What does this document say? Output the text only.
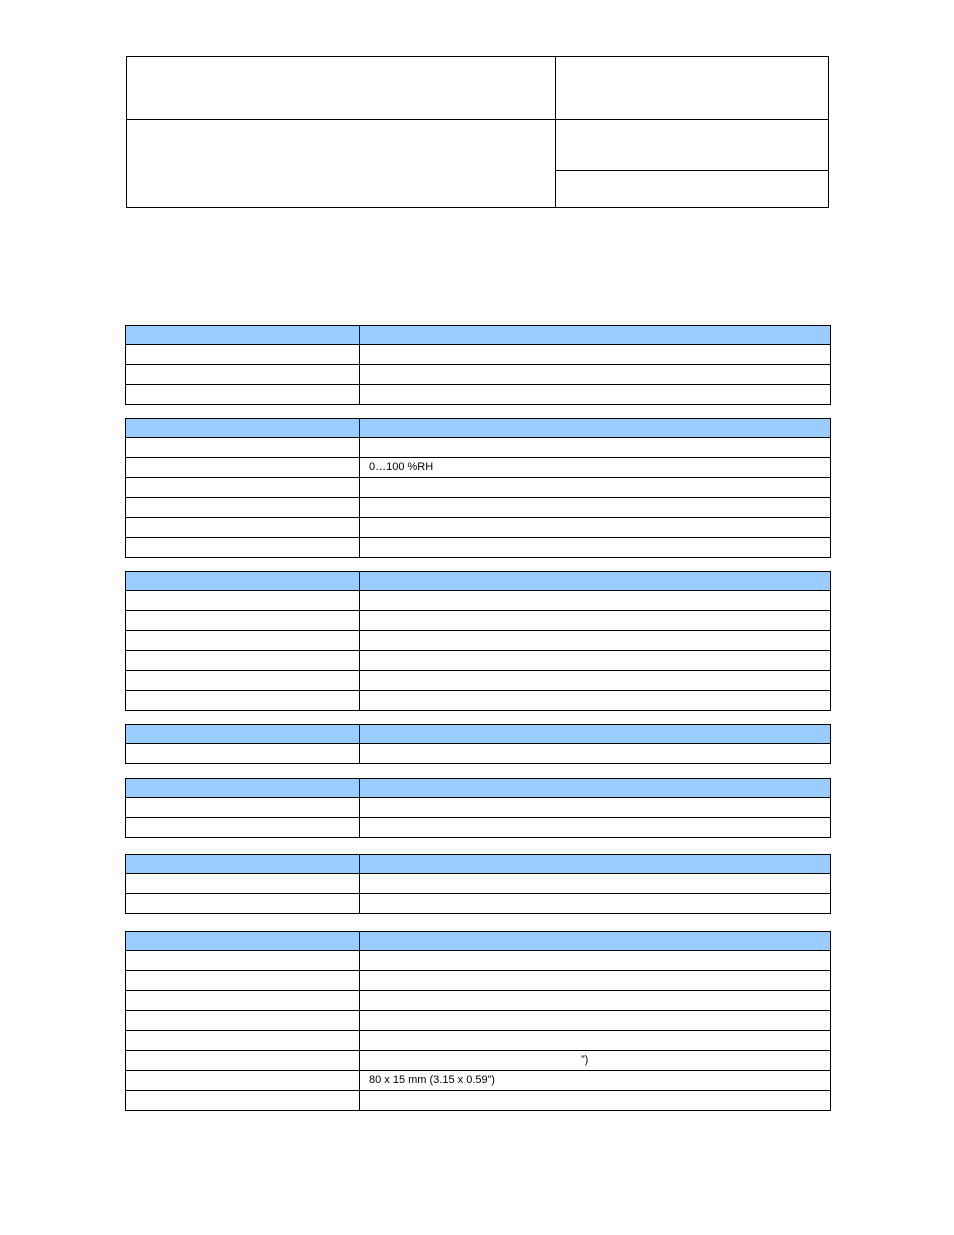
	0…100 %RH

	”)
	80 x 15 mm (3.15 x 0.59”)
